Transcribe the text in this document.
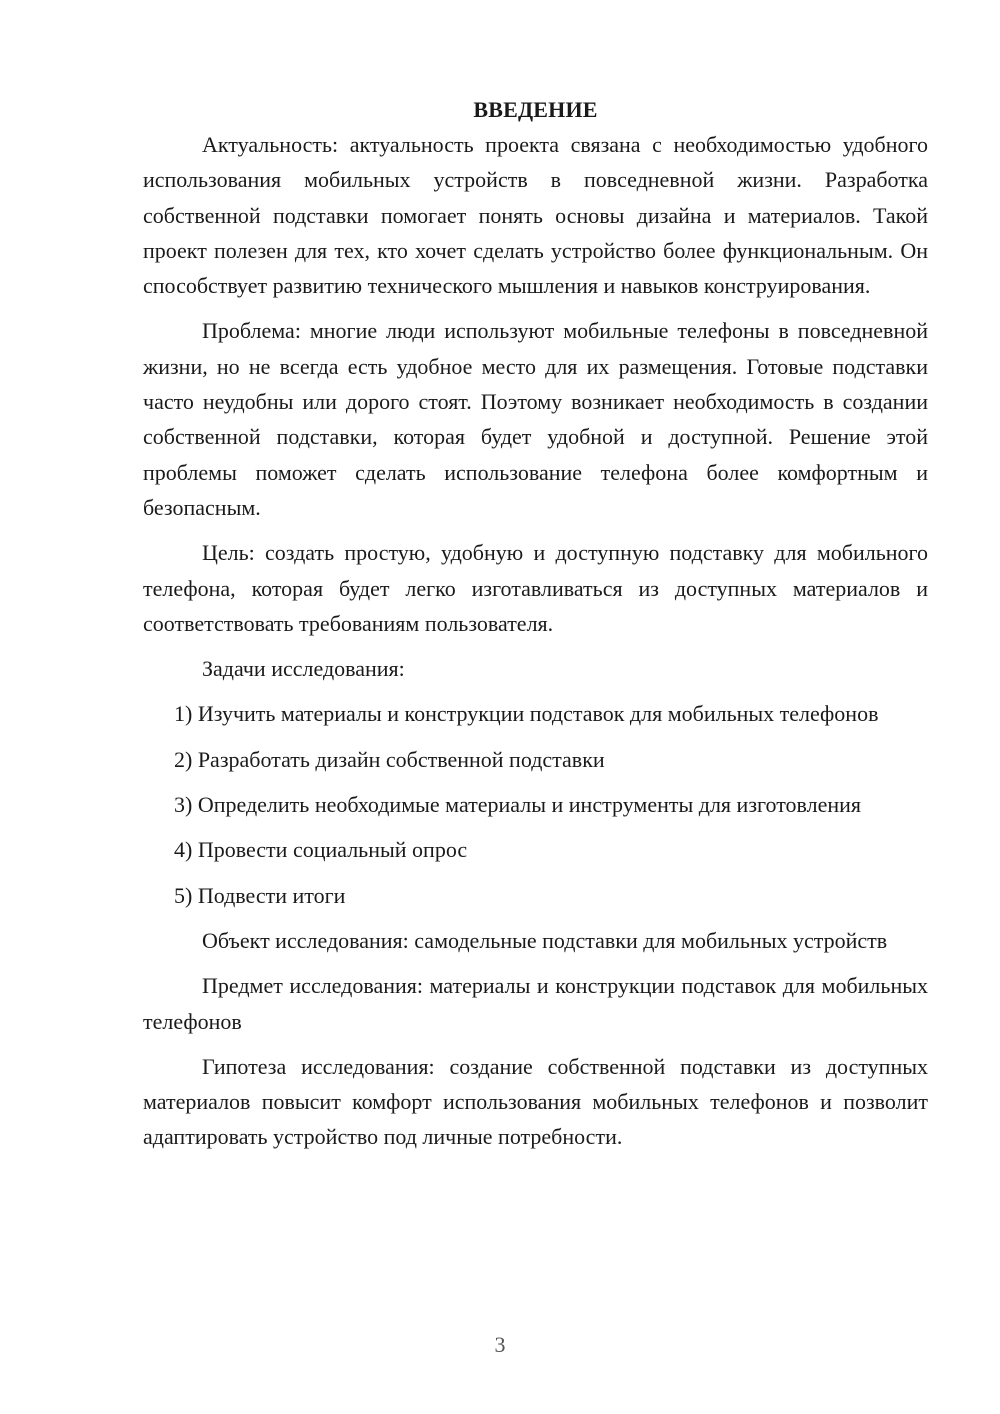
ВВЕДЕНИЕ

Актуальность: актуальность проекта связана с необходимостью удобного использования мобильных устройств в повседневной жизни. Разработка собственной подставки помогает понять основы дизайна и материалов. Такой проект полезен для тех, кто хочет сделать устройство более функциональным. Он способствует развитию технического мышления и навыков конструирования.

Проблема: многие люди используют мобильные телефоны в повседневной жизни, но не всегда есть удобное место для их размещения. Готовые подставки часто неудобны или дорого стоят. Поэтому возникает необходимость в создании собственной подставки, которая будет удобной и доступной. Решение этой проблемы поможет сделать использование телефона более комфортным и безопасным.

Цель: создать простую, удобную и доступную подставку для мобильного телефона, которая будет легко изготавливаться из доступных материалов и соответствовать требованиям пользователя.

Задачи исследования:

1) Изучить материалы и конструкции подставок для мобильных телефонов

2) Разработать дизайн собственной подставки

3) Определить необходимые материалы и инструменты для изготовления

4) Провести социальный опрос

5) Подвести итоги

Объект исследования: самодельные подставки для мобильных устройств

Предмет исследования: материалы и конструкции подставок для мобильных телефонов

Гипотеза исследования: создание собственной подставки из доступных материалов повысит комфорт использования мобильных телефонов и позволит адаптировать устройство под личные потребности.

3
